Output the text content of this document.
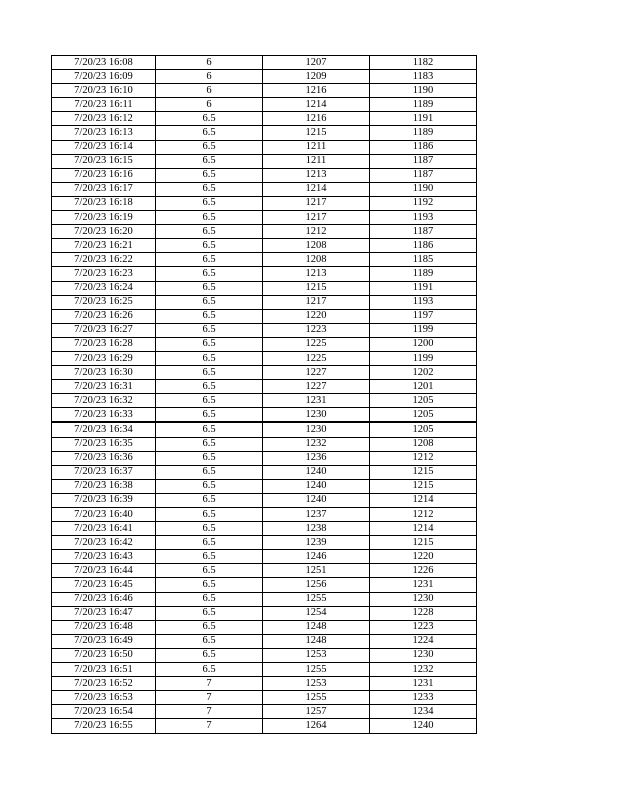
7/20/23 16:08	6	1207	1182
7/20/23 16:09	6	1209	1183
7/20/23 16:10	6	1216	1190
7/20/23 16:11	6	1214	1189
7/20/23 16:12	6.5	1216	1191
7/20/23 16:13	6.5	1215	1189
7/20/23 16:14	6.5	1211	1186
7/20/23 16:15	6.5	1211	1187
7/20/23 16:16	6.5	1213	1187
7/20/23 16:17	6.5	1214	1190
7/20/23 16:18	6.5	1217	1192
7/20/23 16:19	6.5	1217	1193
7/20/23 16:20	6.5	1212	1187
7/20/23 16:21	6.5	1208	1186
7/20/23 16:22	6.5	1208	1185
7/20/23 16:23	6.5	1213	1189
7/20/23 16:24	6.5	1215	1191
7/20/23 16:25	6.5	1217	1193
7/20/23 16:26	6.5	1220	1197
7/20/23 16:27	6.5	1223	1199
7/20/23 16:28	6.5	1225	1200
7/20/23 16:29	6.5	1225	1199
7/20/23 16:30	6.5	1227	1202
7/20/23 16:31	6.5	1227	1201
7/20/23 16:32	6.5	1231	1205
7/20/23 16:33	6.5	1230	1205
7/20/23 16:34	6.5	1230	1205
7/20/23 16:35	6.5	1232	1208
7/20/23 16:36	6.5	1236	1212
7/20/23 16:37	6.5	1240	1215
7/20/23 16:38	6.5	1240	1215
7/20/23 16:39	6.5	1240	1214
7/20/23 16:40	6.5	1237	1212
7/20/23 16:41	6.5	1238	1214
7/20/23 16:42	6.5	1239	1215
7/20/23 16:43	6.5	1246	1220
7/20/23 16:44	6.5	1251	1226
7/20/23 16:45	6.5	1256	1231
7/20/23 16:46	6.5	1255	1230
7/20/23 16:47	6.5	1254	1228
7/20/23 16:48	6.5	1248	1223
7/20/23 16:49	6.5	1248	1224
7/20/23 16:50	6.5	1253	1230
7/20/23 16:51	6.5	1255	1232
7/20/23 16:52	7	1253	1231
7/20/23 16:53	7	1255	1233
7/20/23 16:54	7	1257	1234
7/20/23 16:55	7	1264	1240
